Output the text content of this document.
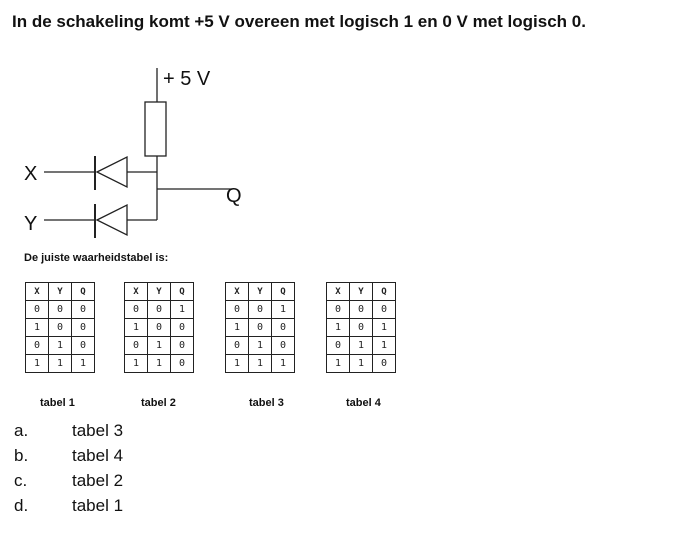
In de schakeling komt +5 V overeen met logisch 1 en 0 V met logisch 0.
+ 5 V
X
Y
Q
De juiste waarheidstabel is:
X	Y	Q
0	0	0
1	0	0
0	1	0
1	1	1
tabel 1
X	Y	Q
0	0	1
1	0	0
0	1	0
1	1	0
tabel 2
X	Y	Q
0	0	1
1	0	0
0	1	0
1	1	1
tabel 3
X	Y	Q
0	0	0
1	0	1
0	1	1
1	1	0
tabel 4
a.	tabel 3
b.	tabel 4
c.	tabel 2
d.	tabel 1
